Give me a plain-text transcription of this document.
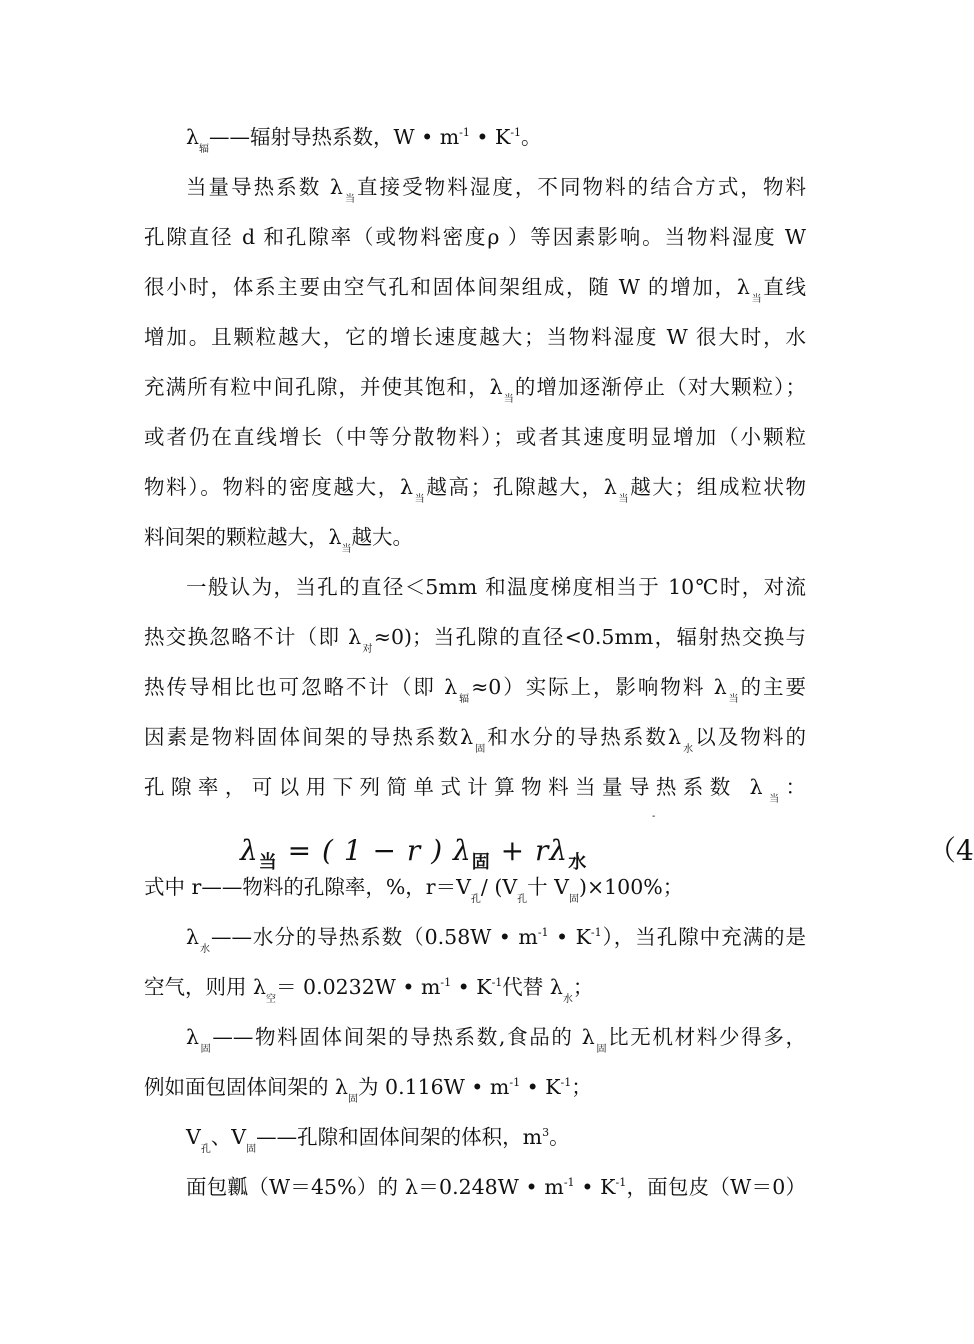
$\lambda_辐——$辐射导热系数，W • $m^{-1}$ • $K^{-1}$。
当量导热系数 $\lambda_当$直接受物料湿度，不同物料的结合方式，物料
孔隙直径 d 和孔隙率（或物料密度ρ ）等因素影响。当物料湿度 W
很小时，体系主要由空气孔和固体间架组成，随 W 的增加，$\lambda_当$直线
增加。且颗粒越大，它的增长速度越大；当物料湿度 W 很大时，水
充满所有粒中间孔隙，并使其饱和，$\lambda_当$的增加逐渐停止（对大颗粒）；
或者仍在直线增长（中等分散物料）；或者其速度明显增加（小颗粒
物料）。物料的密度越大，$\lambda_当$越高；孔隙越大，$\lambda_当$越大；组成粒状物
料间架的颗粒越大，$\lambda_当$越大。
一般认为，当孔的直径＜5mm 和温度梯度相当于 10℃时，对流
热交换忽略不计（即 $\lambda_对\approx 0$)；当孔隙的直径<0.5mm，辐射热交换与
热传导相比也可忽略不计（即 $\lambda_辐\approx 0$）实际上，影响物料 $\lambda_当$的主要
因素是物料固体间架的导热系数$\lambda_固$和水分的导热系数$\lambda_水$以及物料的
孔隙率，可以用下列简单式计算物料当量导热系数 $\lambda_当$：
式中 r——物料的孔隙率，%，$r=V_孔/$ ($V_孔$十 $V_固)\times 100\%$；
$\lambda_水——$水分的导热系数（0.58W • $m^{-1}$ • $K^{-1}$），当孔隙中充满的是
空气，则用 $\lambda_空= 0.0232W$ • $m^{-1}$ • $K^{-1}$代替 $\lambda_水$；
$\lambda_固——$物料固体间架的导热系数,食品的 $\lambda_固$比无机材料少得多，
例如面包固体间架的 $\lambda_固$为 0.116W • $m^{-1}$ • $K^{-1}$；
$V_孔$、$V_固——$孔隙和固体间架的体积，$m^3$。
面包瓤（W＝45%）的 λ＝0.248W • $m^{-1}$ • $K^{-1}$，面包皮（W＝0）
-
$\lambda_当$ = ( 1 − r ) $\lambda_固 + r\lambda_水$	（4
